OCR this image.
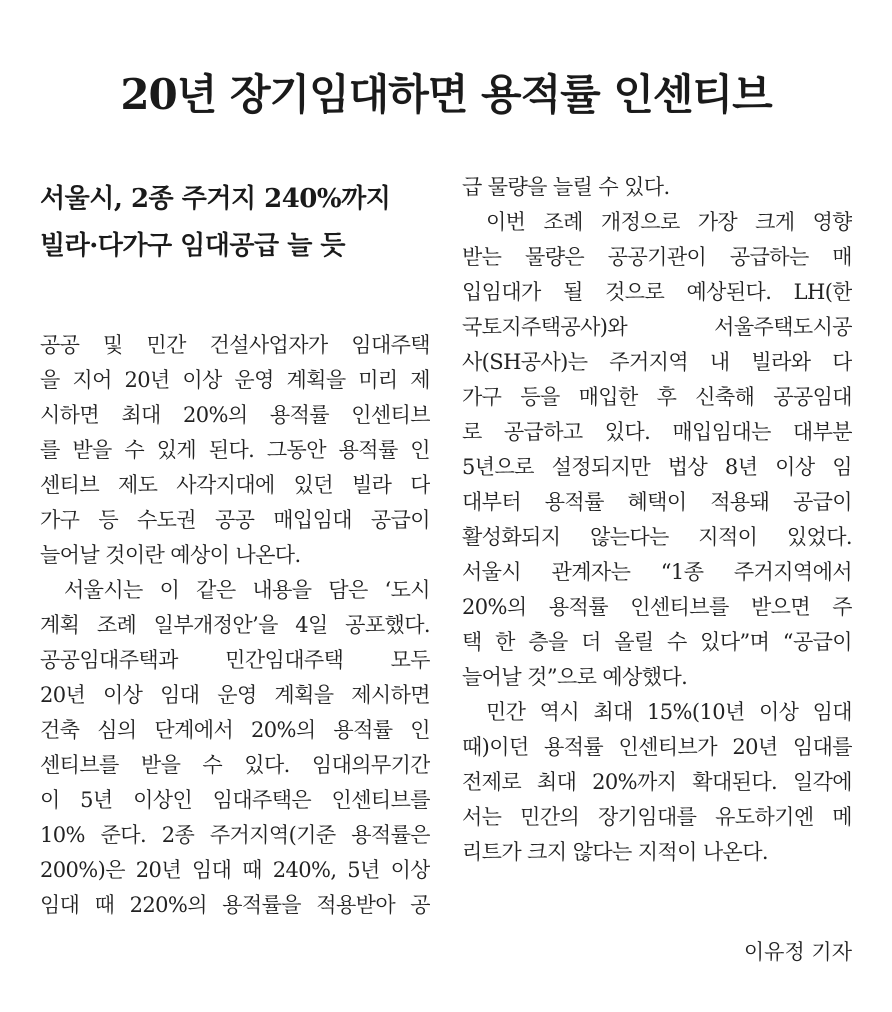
20년 장기임대하면 용적률 인센티브
서울시, 2종 주거지 240%까지
빌라·다가구 임대공급 늘 듯
공공 및 민간 건설사업자가 임대주택
을 지어 20년 이상 운영 계획을 미리 제
시하면 최대 20%의 용적률 인센티브
를 받을 수 있게 된다. 그동안 용적률 인
센티브 제도 사각지대에 있던 빌라 다
가구 등 수도권 공공 매입임대 공급이
늘어날 것이란 예상이 나온다.
서울시는 이 같은 내용을 담은 ‘도시
계획 조례 일부개정안’을 4일 공포했다.
공공임대주택과 민간임대주택 모두
20년 이상 임대 운영 계획을 제시하면
건축 심의 단계에서 20%의 용적률 인
센티브를 받을 수 있다. 임대의무기간
이 5년 이상인 임대주택은 인센티브를
10% 준다. 2종 주거지역(기준 용적률은
200%)은 20년 임대 때 240%, 5년 이상
임대 때 220%의 용적률을 적용받아 공
급 물량을 늘릴 수 있다.
이번 조례 개정으로 가장 크게 영향
받는 물량은 공공기관이 공급하는 매
입임대가 될 것으로 예상된다. LH(한
국토지주택공사)와 서울주택도시공
사(SH공사)는 주거지역 내 빌라와 다
가구 등을 매입한 후 신축해 공공임대
로 공급하고 있다. 매입임대는 대부분
5년으로 설정되지만 법상 8년 이상 임
대부터 용적률 혜택이 적용돼 공급이
활성화되지 않는다는 지적이 있었다.
서울시 관계자는 “1종 주거지역에서
20%의 용적률 인센티브를 받으면 주
택 한 층을 더 올릴 수 있다”며 “공급이
늘어날 것”으로 예상했다.
민간 역시 최대 15%(10년 이상 임대
때)이던 용적률 인센티브가 20년 임대를
전제로 최대 20%까지 확대된다. 일각에
서는 민간의 장기임대를 유도하기엔 메
리트가 크지 않다는 지적이 나온다.
이유정 기자
